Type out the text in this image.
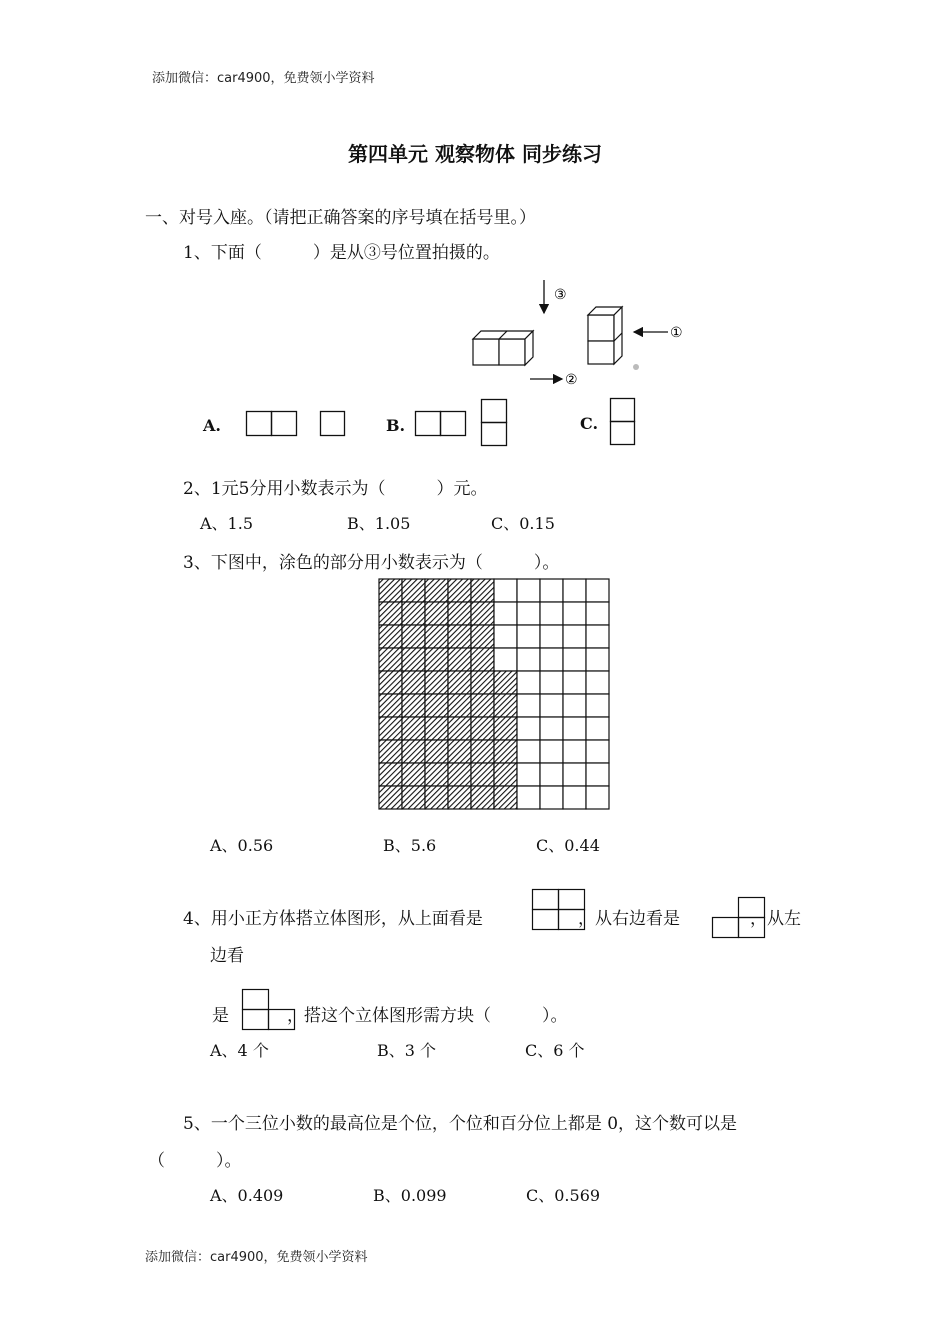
添加微信：car4900，免费领小学资料
第四单元 观察物体 同步练习
一、对号入座。（请把正确答案的序号填在括号里。）
1、下面（　　　）是从③号位置拍摄的。
③
①
②
A.	B.	C.
2、1元5分用小数表示为（　　　）元。
A、1.5	B、1.05	C、0.15
3、下图中，涂色的部分用小数表示为（　　　）。
A、0.56	B、5.6	C、0.44
4、用小正方体搭立体图形，从上面看是	，从右边看是	，从左
边看
是	，搭这个立体图形需方块（　　　）。
A、4 个	B、3 个	C、6 个
5、一个三位小数的最高位是个位，个位和百分位上都是 0，这个数可以是
（　　　）。
A、0.409	B、0.099	C、0.569
添加微信：car4900，免费领小学资料
